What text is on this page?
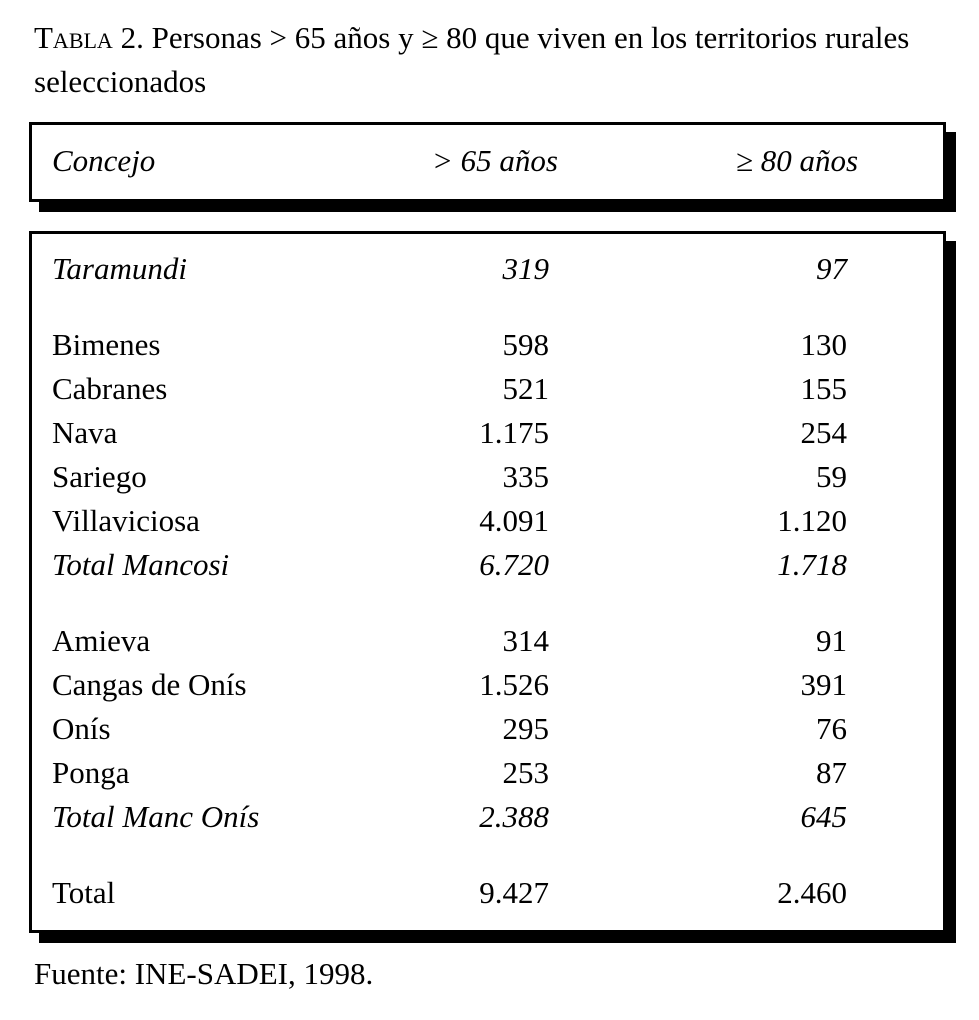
Tabla 2. Personas > 65 años y ≥ 80 que viven en los territorios rurales seleccionados
Concejo	> 65 años	≥ 80 años
Taramundi	319	97
Bimenes	598	130
Cabranes	521	155
Nava	1.175	254
Sariego	335	59
Villaviciosa	4.091	1.120
Total Mancosi	6.720	1.718
Amieva	314	91
Cangas de Onís	1.526	391
Onís	295	76
Ponga	253	87
Total Manc Onís	2.388	645
Total	9.427	2.460
Fuente: INE-SADEI, 1998.
